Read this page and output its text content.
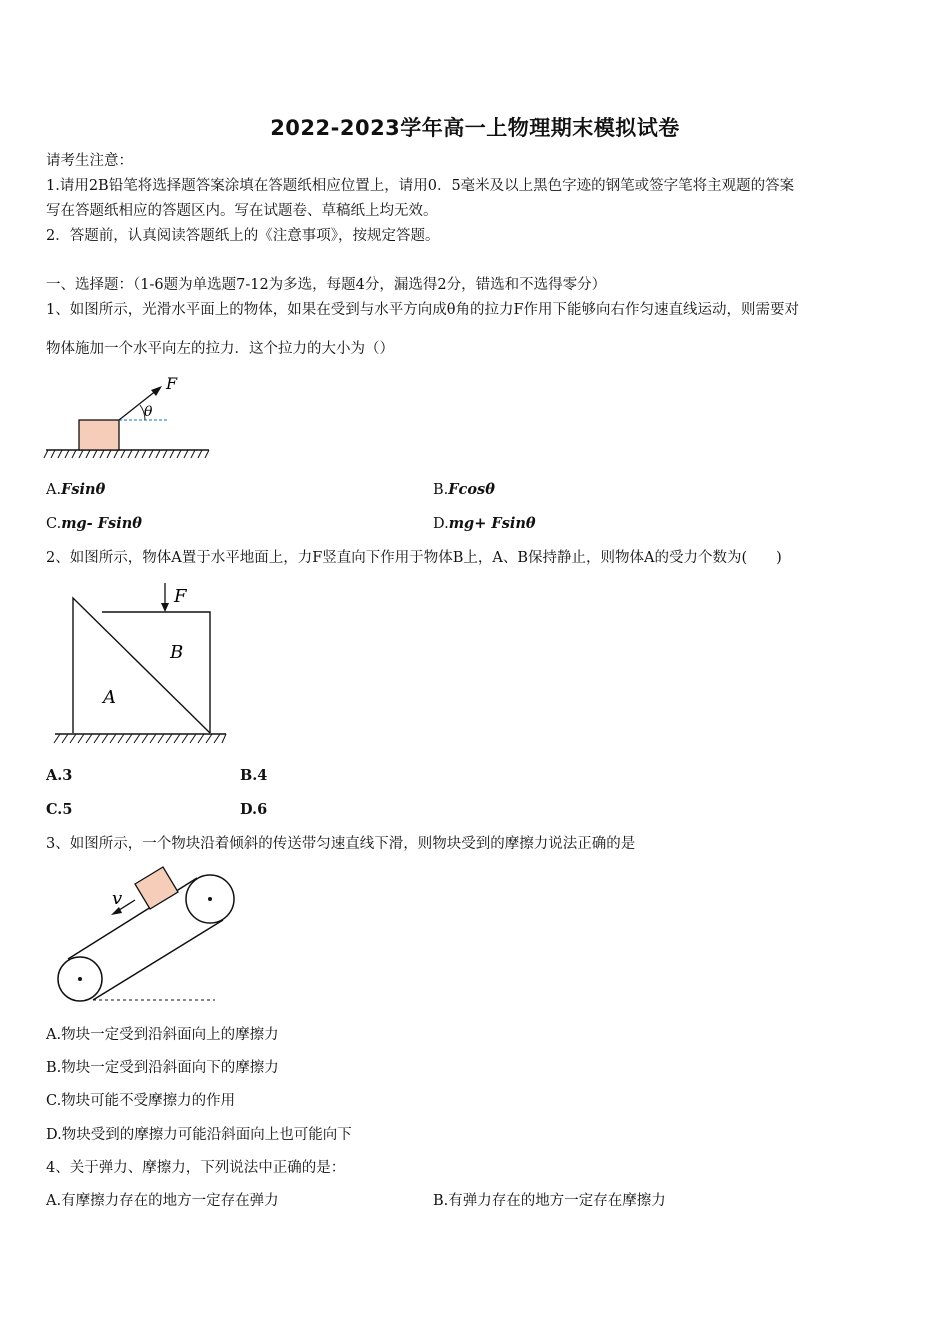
2022-2023学年高一上物理期末模拟试卷
请考生注意：
1.请用2B铅笔将选择题答案涂填在答题纸相应位置上，请用0．5毫米及以上黑色字迹的钢笔或签字笔将主观题的答案
写在答题纸相应的答题区内。写在试题卷、草稿纸上均无效。
2．答题前，认真阅读答题纸上的《注意事项》，按规定答题。
一、选择题：（1-6题为单选题7-12为多选，每题4分，漏选得2分，错选和不选得零分）
1、如图所示，光滑水平面上的物体，如果在受到与水平方向成θ角的拉力F作用下能够向右作匀速直线运动，则需要对
物体施加一个水平向左的拉力．这个拉力的大小为（）
F
θ
A.Fsinθ	B.Fcosθ
C.mg- Fsinθ	D.mg+ Fsinθ
2、如图所示，物体A置于水平地面上，力F竖直向下作用于物体B上，A、B保持静止，则物体A的受力个数为(　　)
F
B
A
A.3	B.4
C.5	D.6
3、如图所示，一个物块沿着倾斜的传送带匀速直线下滑，则物块受到的摩擦力说法正确的是
v
A.物块一定受到沿斜面向上的摩擦力
B.物块一定受到沿斜面向下的摩擦力
C.物块可能不受摩擦力的作用
D.物块受到的摩擦力可能沿斜面向上也可能向下
4、关于弹力、摩擦力，下列说法中正确的是：
A.有摩擦力存在的地方一定存在弹力	B.有弹力存在的地方一定存在摩擦力
